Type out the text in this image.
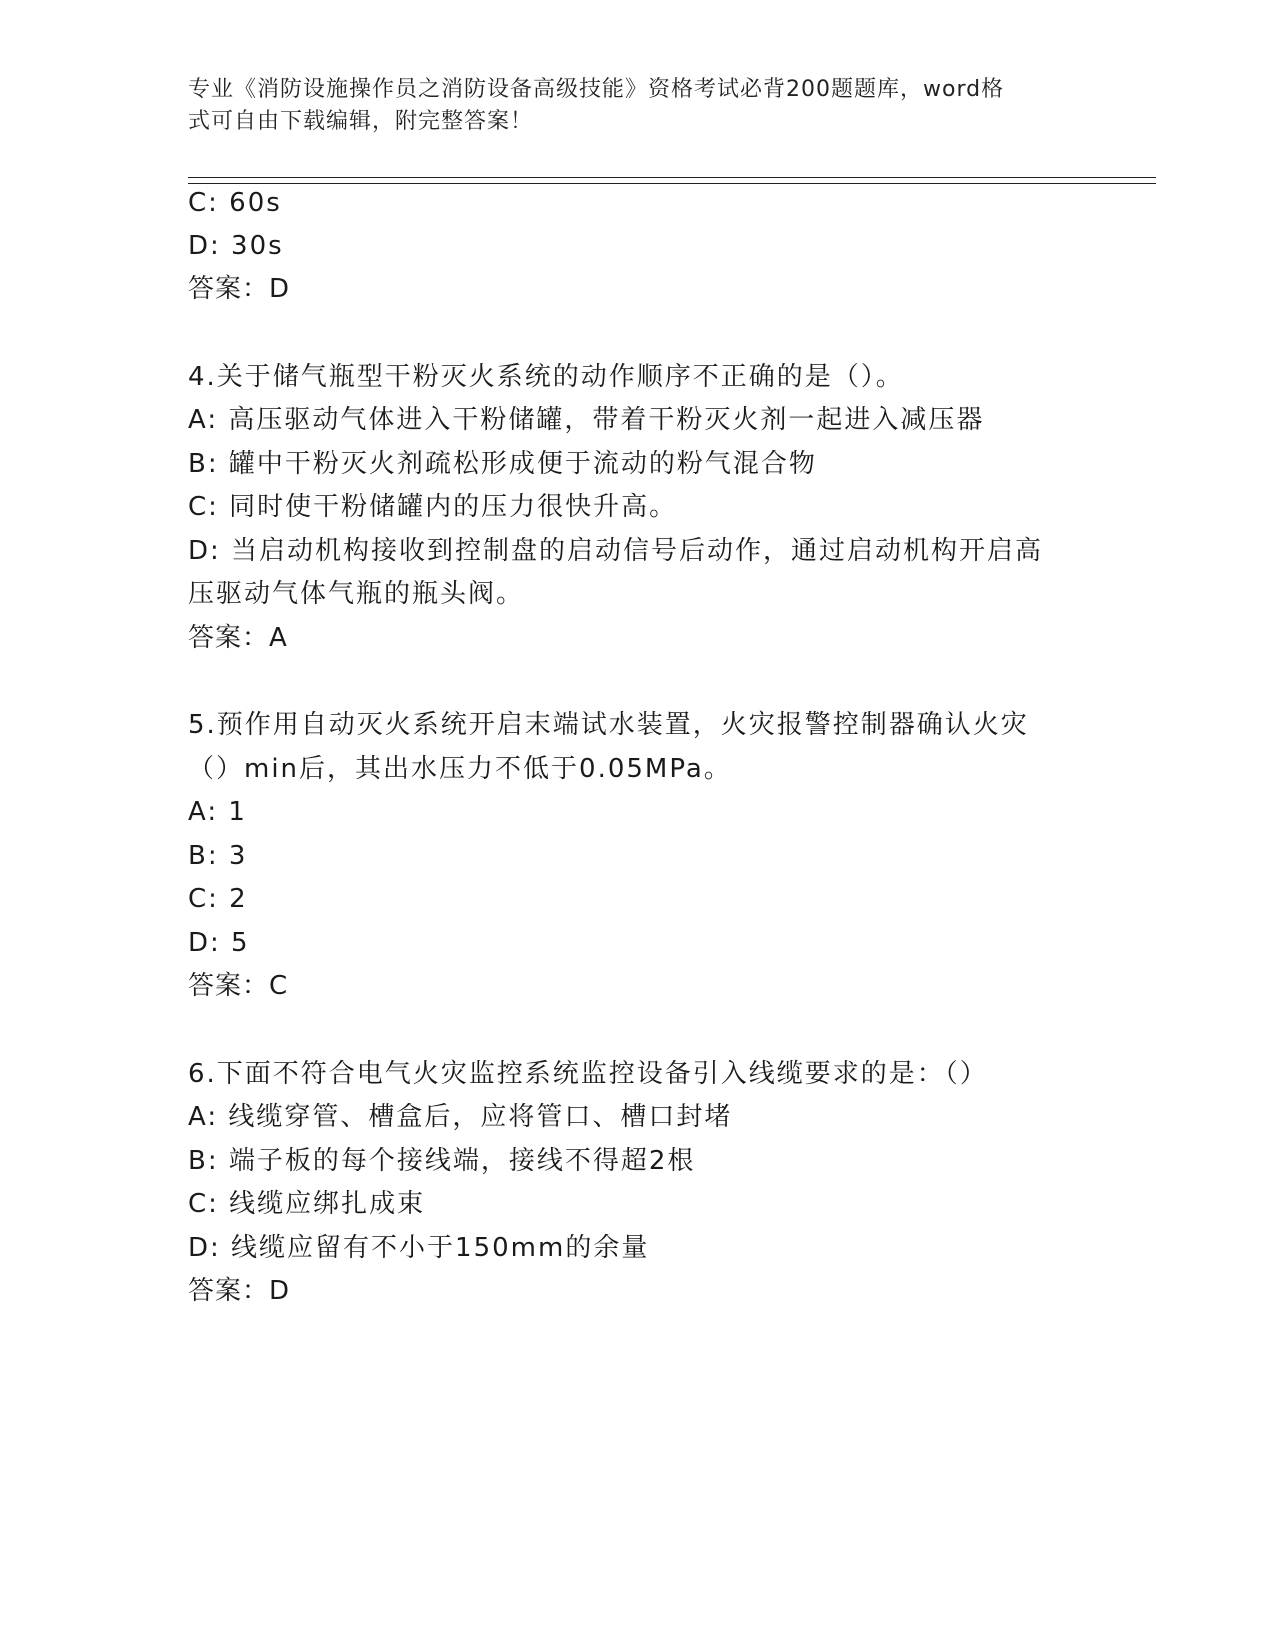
专业《消防设施操作员之消防设备高级技能》资格考试必背200题题库，word格
式可自由下载编辑，附完整答案！
C: 60s
D: 30s
答案：D
4.关于储气瓶型干粉灭火系统的动作顺序不正确的是（）。
A: 高压驱动气体进入干粉储罐，带着干粉灭火剂一起进入减压器
B: 罐中干粉灭火剂疏松形成便于流动的粉气混合物
C: 同时使干粉储罐内的压力很快升高。
D: 当启动机构接收到控制盘的启动信号后动作，通过启动机构开启高
压驱动气体气瓶的瓶头阀。
答案：A
5.预作用自动灭火系统开启末端试水装置，火灾报警控制器确认火灾
（）min后，其出水压力不低于0.05MPa。
A: 1
B: 3
C: 2
D: 5
答案：C
6.下面不符合电气火灾监控系统监控设备引入线缆要求的是：（）
A: 线缆穿管、槽盒后，应将管口、槽口封堵
B: 端子板的每个接线端，接线不得超2根
C: 线缆应绑扎成束
D: 线缆应留有不小于150mm的余量
答案：D
